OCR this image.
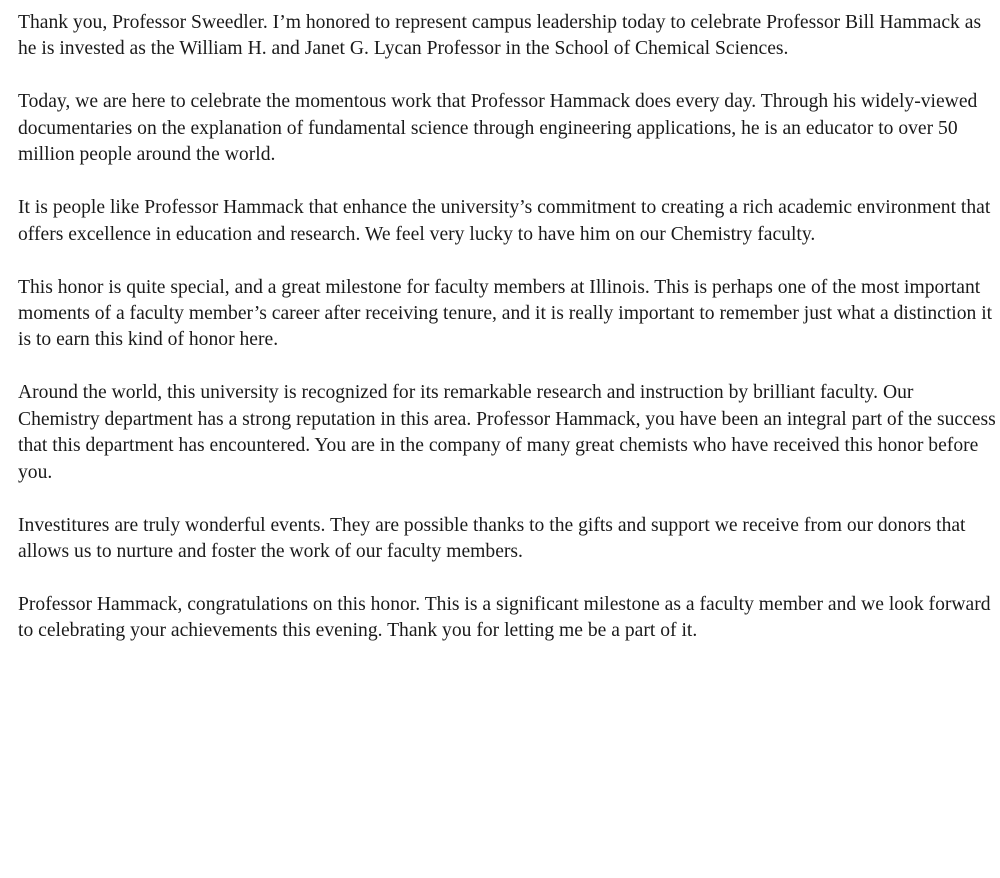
Thank you, Professor Sweedler. I’m honored to represent campus leadership today to celebrate Professor Bill Hammack as he is invested as the William H. and Janet G. Lycan Professor in the School of Chemical Sciences.

Today, we are here to celebrate the momentous work that Professor Hammack does every day. Through his widely-viewed documentaries on the explanation of fundamental science through engineering applications, he is an educator to over 50 million people around the world.

It is people like Professor Hammack that enhance the university’s commitment to creating a rich academic environment that offers excellence in education and research. We feel very lucky to have him on our Chemistry faculty.

This honor is quite special, and a great milestone for faculty members at Illinois. This is perhaps one of the most important moments of a faculty member’s career after receiving tenure, and it is really important to remember just what a distinction it is to earn this kind of honor here.

Around the world, this university is recognized for its remarkable research and instruction by brilliant faculty. Our Chemistry department has a strong reputation in this area. Professor Hammack, you have been an integral part of the success that this department has encountered. You are in the company of many great chemists who have received this honor before you.

Investitures are truly wonderful events. They are possible thanks to the gifts and support we receive from our donors that allows us to nurture and foster the work of our faculty members.

Professor Hammack, congratulations on this honor. This is a significant milestone as a faculty member and we look forward to celebrating your achievements this evening. Thank you for letting me be a part of it.
